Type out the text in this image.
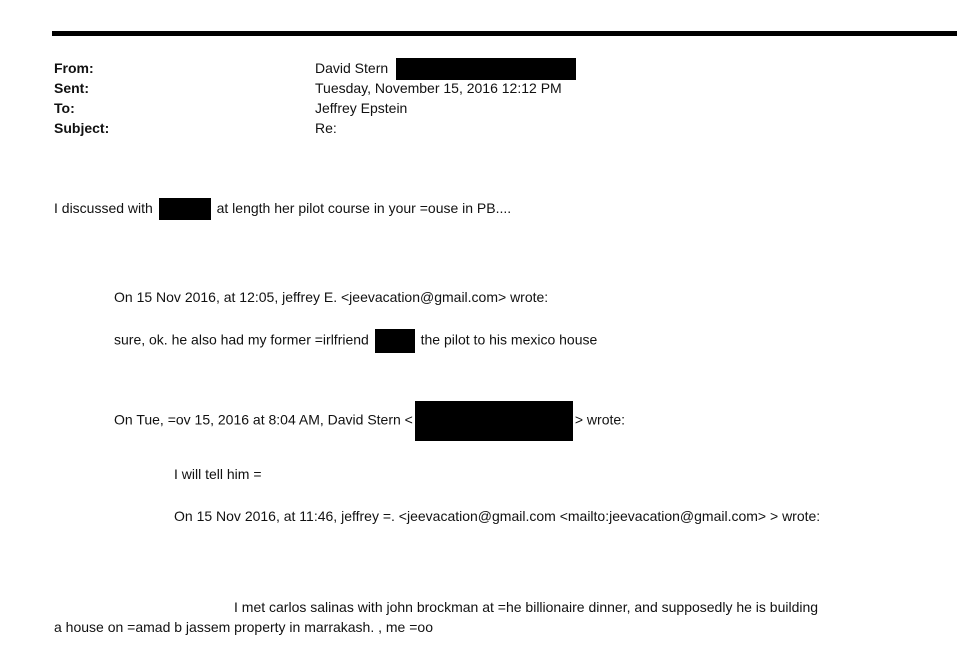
From:	David Stern
Sent:	Tuesday, November 15, 2016 12:12 PM
To:	Jeffrey Epstein
Subject:	Re:
I discussed with	at length her pilot course in your =ouse in PB....
On 15 Nov 2016, at 12:05, jeffrey E. <jeevacation@gmail.com> wrote:
sure, ok. he also had my former =irlfriend	the pilot to his mexico house
On Tue, =ov 15, 2016 at 8:04 AM, David Stern <	> wrote:
I will tell him =
On 15 Nov 2016, at 11:46, jeffrey =. <jeevacation@gmail.com <mailto:jeevacation@gmail.com> > wrote:
I met carlos salinas with john brockman at =he billionaire dinner, and supposedly he is building
a house on =amad b jassem property in marrakash. , me =oo
